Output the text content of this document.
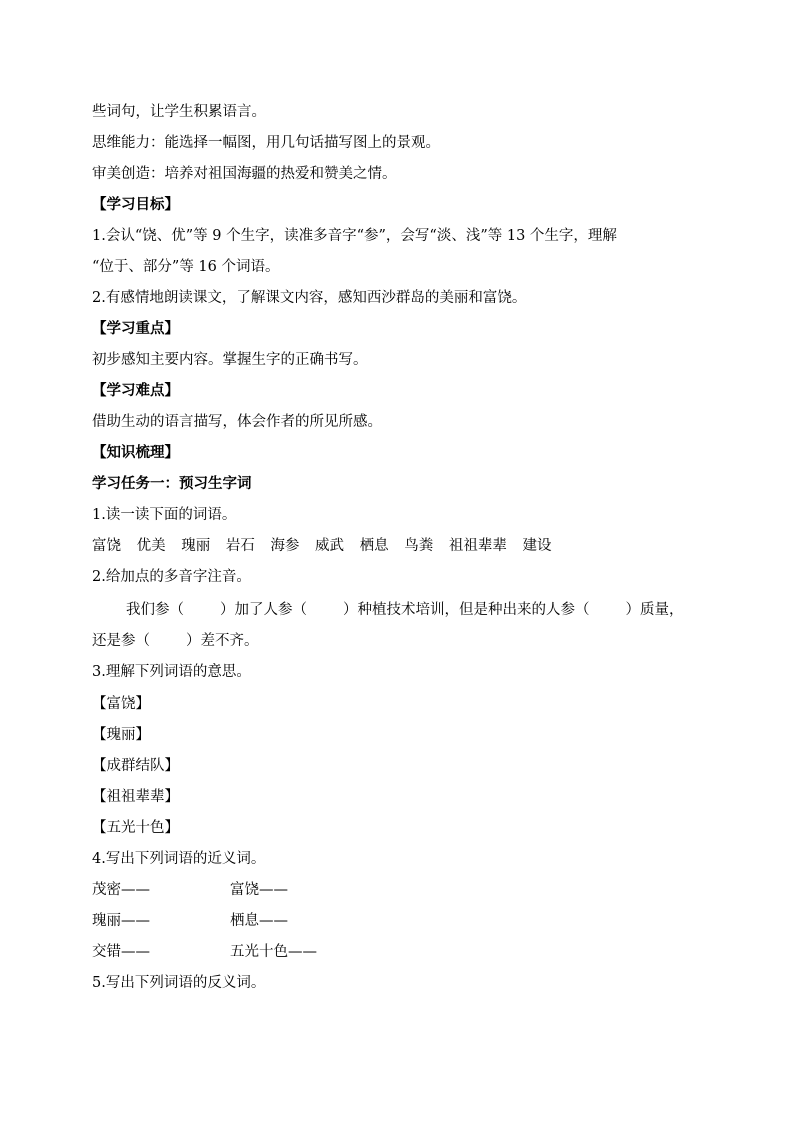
些词句，让学生积累语言。
思维能力：能选择一幅图，用几句话描写图上的景观。
审美创造：培养对祖国海疆的热爱和赞美之情。
【学习目标】
1.会认“饶、优”等 9 个生字，读准多音字“参”，会写“淡、浅”等 13 个生字，理解
“位于、部分”等 16 个词语。
2.有感情地朗读课文，了解课文内容，感知西沙群岛的美丽和富饶。
【学习重点】
初步感知主要内容。掌握生字的正确书写。
【学习难点】
借助生动的语言描写，体会作者的所见所感。
【知识梳理】
学习任务一：预习生字词
1.读一读下面的词语。
富饶 优美 瑰丽 岩石 海参 威武 栖息 鸟粪 祖祖辈辈 建设
2.给加点的多音字注音。
我们参（ ）加了人参（ ）种植技术培训，但是种出来的人参（ ）质量，
还是参（ ）差不齐。
3.理解下列词语的意思。
【富饶】
【瑰丽】
【成群结队】
【祖祖辈辈】
【五光十色】
4.写出下列词语的近义词。
茂密——	富饶——
瑰丽——	栖息——
交错——	五光十色——
5.写出下列词语的反义词。
